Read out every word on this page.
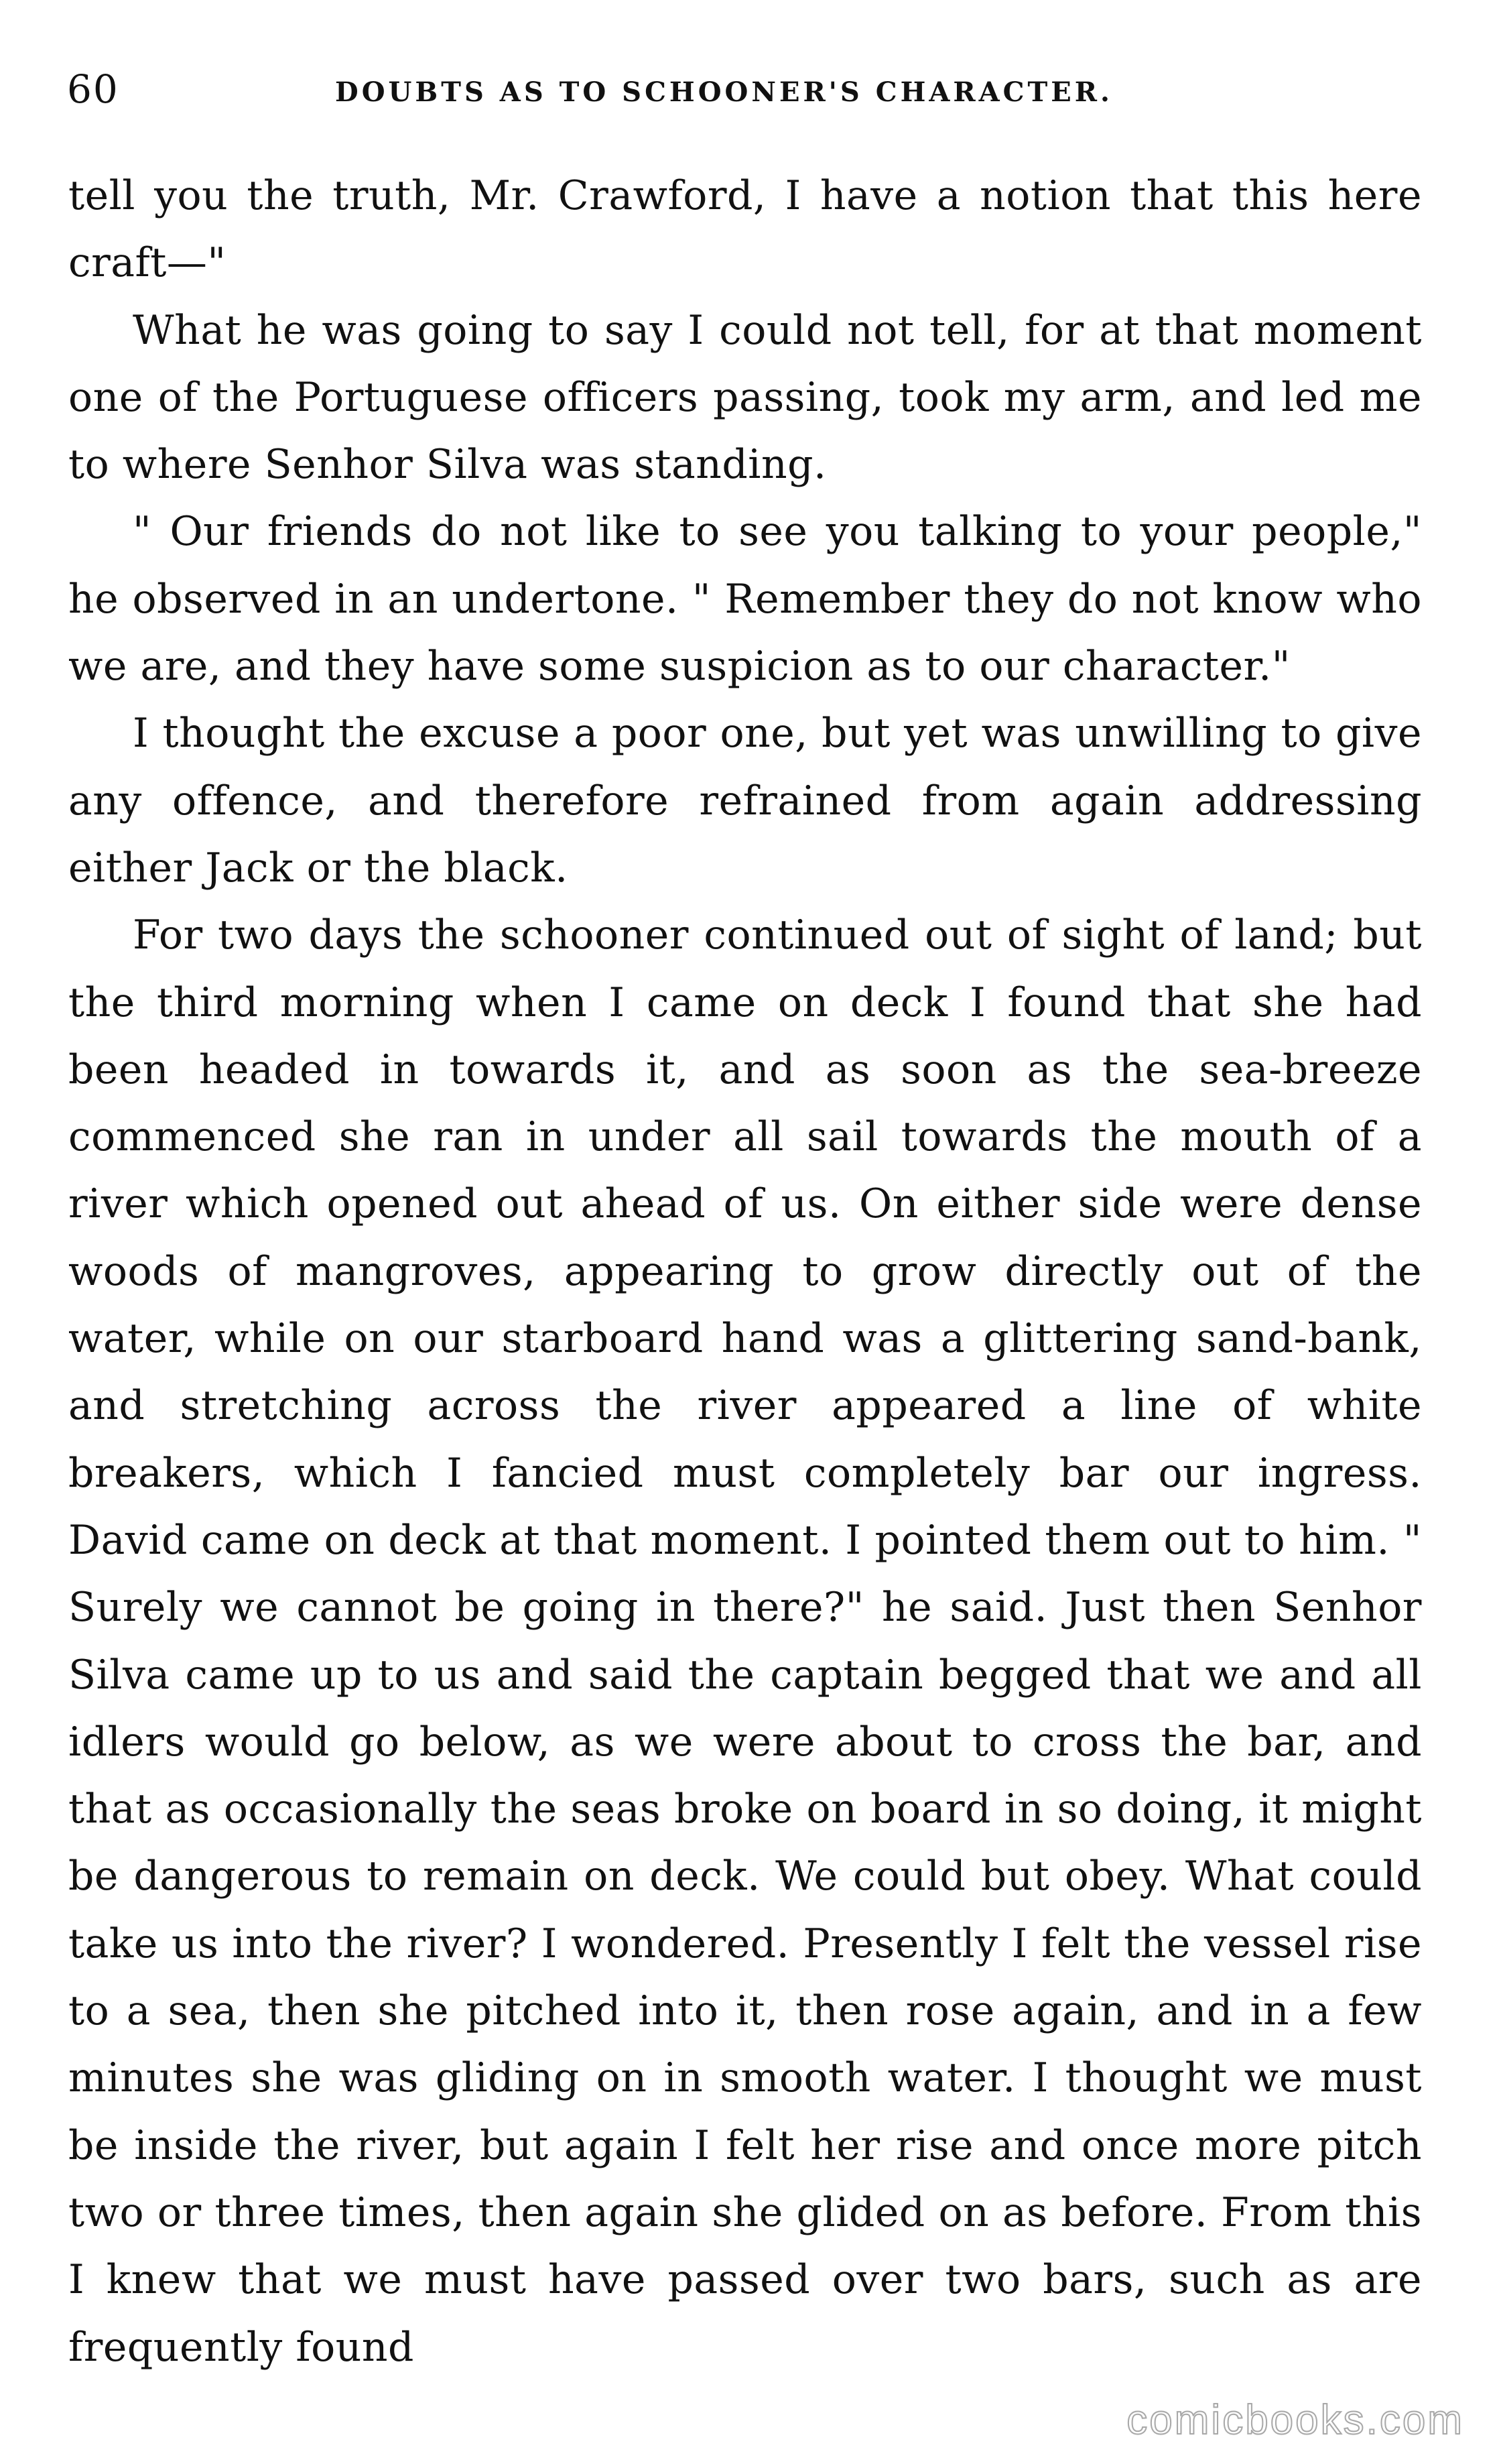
60	DOUBTS AS TO SCHOONER'S CHARACTER.

tell you the truth, Mr. Crawford, I have a notion that this here craft—"

What he was going to say I could not tell, for at that moment one of the Portuguese officers passing, took my arm, and led me to where Senhor Silva was standing.

" Our friends do not like to see you talking to your people," he observed in an undertone. " Remember they do not know who we are, and they have some suspicion as to our character."

I thought the excuse a poor one, but yet was unwilling to give any offence, and therefore refrained from again addressing either Jack or the black.

For two days the schooner continued out of sight of land; but the third morning when I came on deck I found that she had been headed in towards it, and as soon as the sea-breeze commenced she ran in under all sail towards the mouth of a river which opened out ahead of us. On either side were dense woods of mangroves, appearing to grow directly out of the water, while on our starboard hand was a glittering sand-bank, and stretching across the river appeared a line of white breakers, which I fancied must completely bar our ingress. David came on deck at that moment. I pointed them out to him. " Surely we cannot be going in there?" he said. Just then Senhor Silva came up to us and said the captain begged that we and all idlers would go below, as we were about to cross the bar, and that as occasionally the seas broke on board in so doing, it might be dangerous to remain on deck. We could but obey. What could take us into the river? I wondered. Presently I felt the vessel rise to a sea, then she pitched into it, then rose again, and in a few minutes she was gliding on in smooth water. I thought we must be inside the river, but again I felt her rise and once more pitch two or three times, then again she glided on as before. From this I knew that we must have passed over two bars, such as are frequently found

comicbooks.com
